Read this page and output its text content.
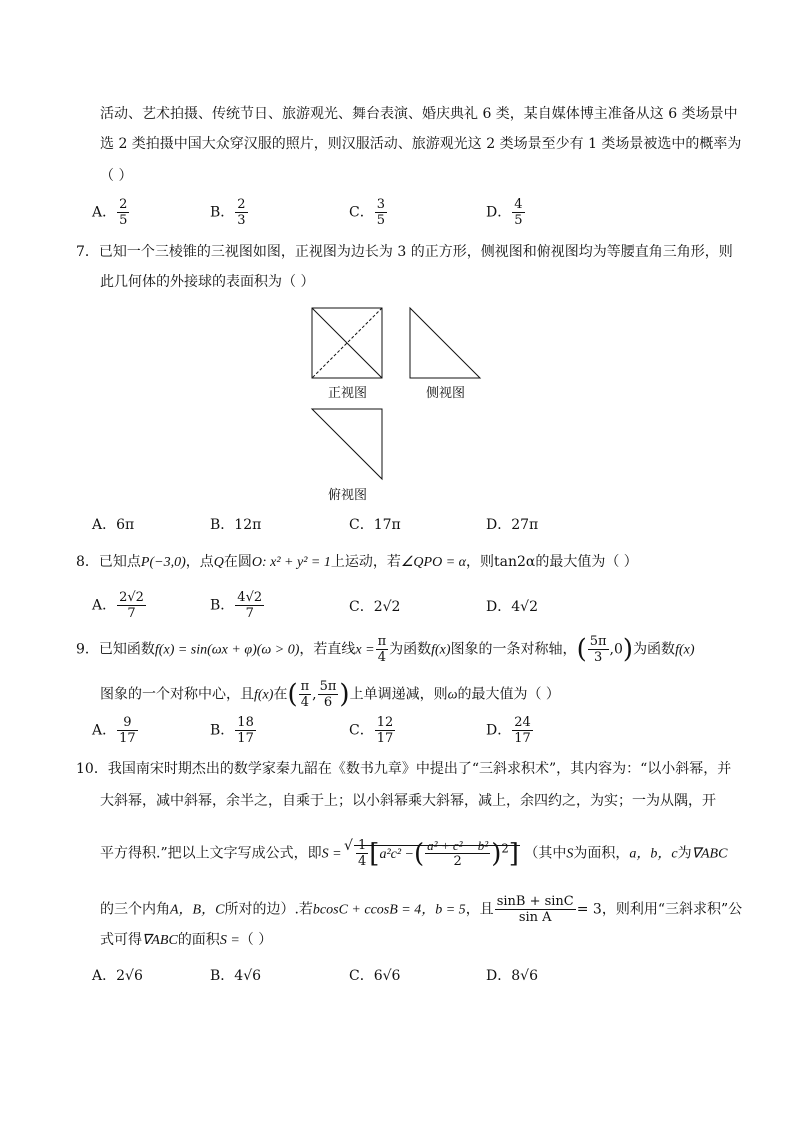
活动、艺术拍摄、传统节日、旅游观光、舞台表演、婚庆典礼 6 类，某自媒体博主准备从这 6 类场景中
选 2 类拍摄中国大众穿汉服的照片，则汉服活动、旅游观光这 2 类场景至少有 1 类场景被选中的概率为
（ ）
A． $\frac{2}{5}$	B． $\frac{2}{3}$	C． $\frac{3}{5}$	D． $\frac{4}{5}$
7．已知一个三棱锥的三视图如图，正视图为边长为 3 的正方形，侧视图和俯视图均为等腰直角三角形，则
此几何体的外接球的表面积为（ ）
正视图	侧视图
俯视图
A．6π	B．12π	C．17π	D．27π
8．已知点P(−3,0)，点Q在圆O: x² + y² = 1上运动，若∠QPO = α，则tan2α的最大值为（ ）
A． $\frac{2√2}{7}$	B． $\frac{4√2}{7}$	C．2√2	D．4√2
9．已知函数f(x) = sin(ωx + φ)(ω > 0)，若直线$x = \frac{\pi}{4}$ 为函数f(x)图象的一条对称轴，( $\frac{5\pi}{3} ,0$)为函数f(x)
图象的一个对称中心，且f(x)在( $\frac{\pi}{4}$ , $\frac{5\pi}{6}$ )上单调递减，则ω的最大值为（ ）
A． $\frac{9}{17}$	B． $\frac{18}{17}$	C． $\frac{12}{17}$	D． $\frac{24}{17}$
10．我国南宋时期杰出的数学家秦九韶在《数书九章》中提出了“三斜求积术”，其内容为：“以小斜幂，并
大斜幂，减中斜幂，余半之，自乘于上；以小斜幂乘大斜幂，减上，余四约之，为实；一为从隅，开
平方得积.”把以上文字写成公式，即S =
√ $\frac{1}{4} [a^2c^2$ −( $\frac{\text{a² + c² − b²}}{2} )^2$] （其中S为面积，a，b，c为∇ABC
的三个内角A，B，C所对的边）.若bcosC + ccosB = 4，b = 5，且 $\frac{\sin B + \sin C}{\text{sin A}} = 3$，则利用“三斜求积”公
式可得∇ABC的面积S =（ ）
A．2√6	B．4√6	C．6√6	D．8√6
